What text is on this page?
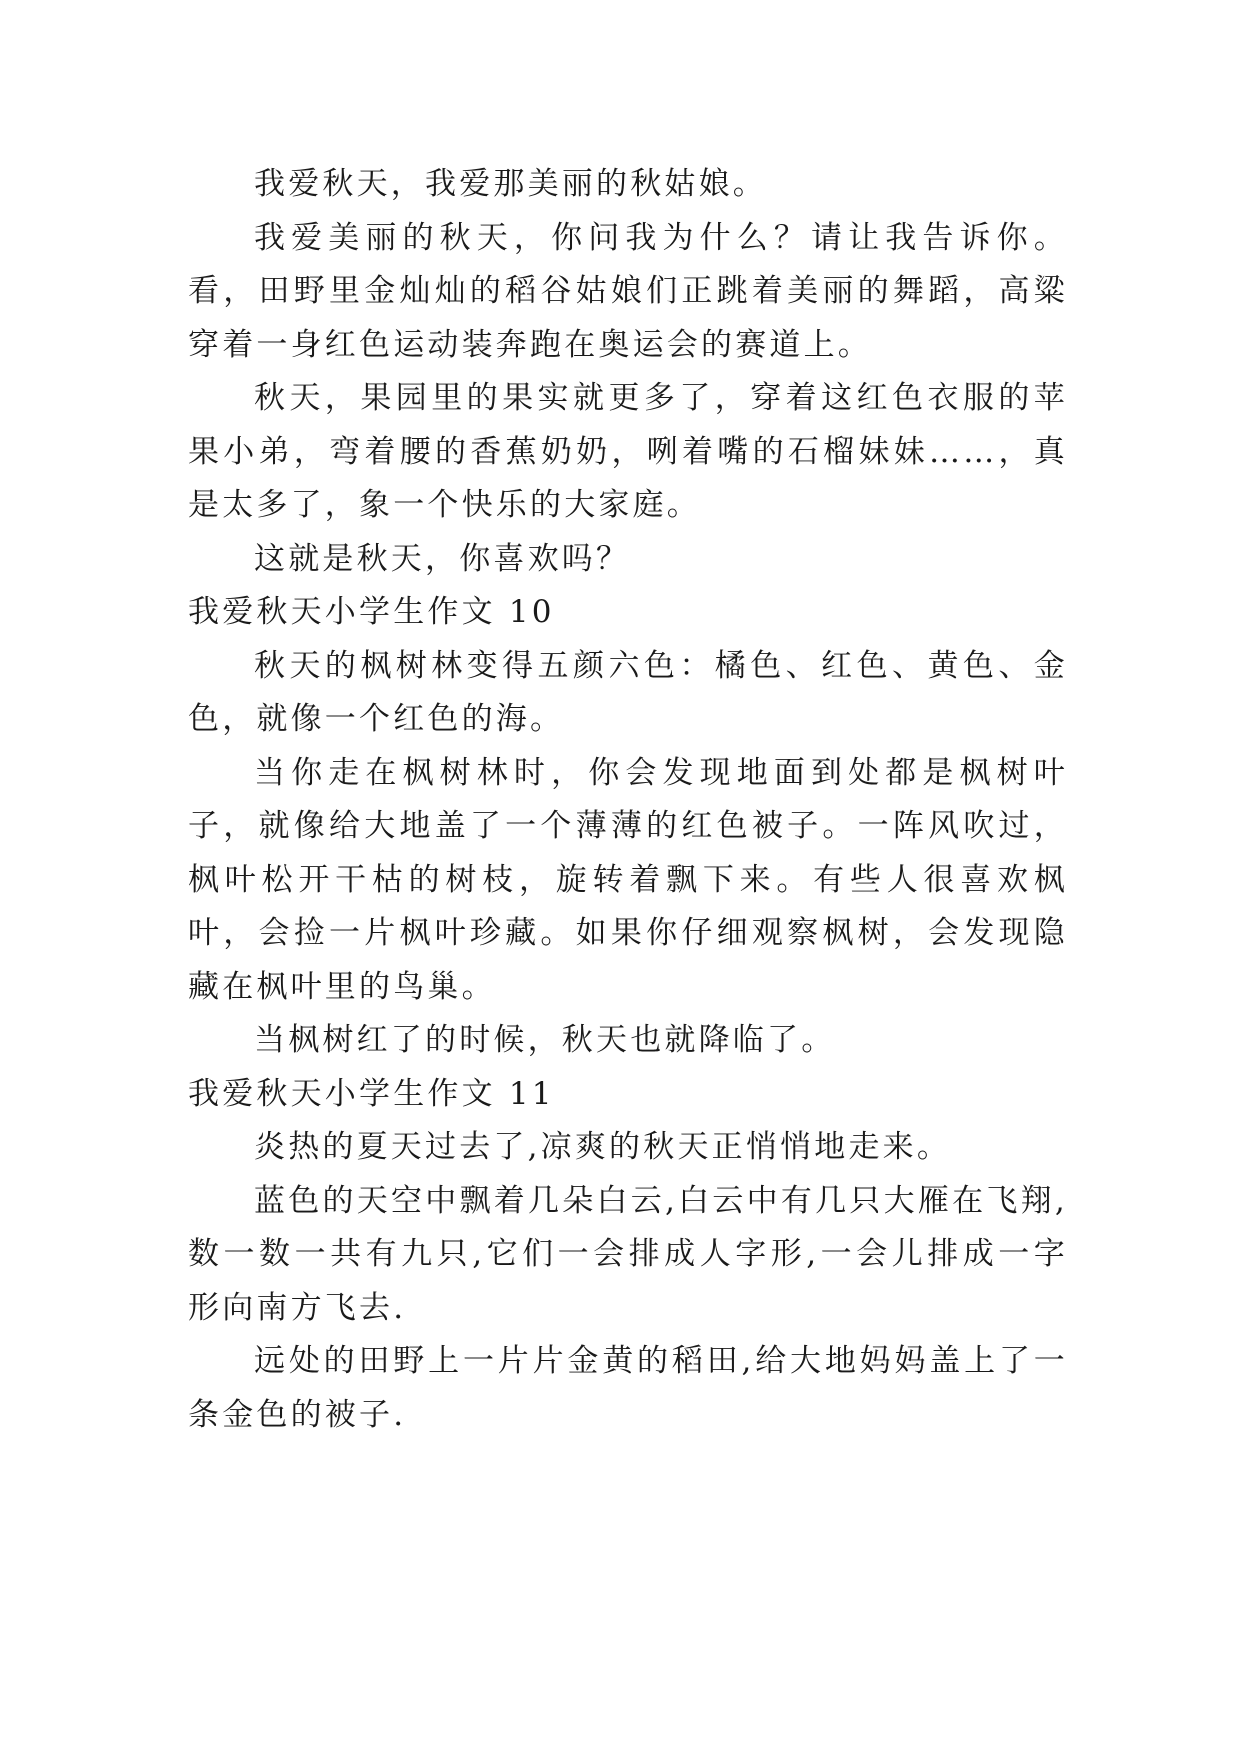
我爱秋天，我爱那美丽的秋姑娘。

我爱美丽的秋天，你问我为什么？请让我告诉你。看，田野里金灿灿的稻谷姑娘们正跳着美丽的舞蹈，高粱穿着一身红色运动装奔跑在奥运会的赛道上。

秋天，果园里的果实就更多了，穿着这红色衣服的苹果小弟，弯着腰的香蕉奶奶，咧着嘴的石榴妹妹……，真是太多了，象一个快乐的大家庭。

这就是秋天，你喜欢吗？

我爱秋天小学生作文 10

秋天的枫树林变得五颜六色：橘色、红色、黄色、金色，就像一个红色的海。

当你走在枫树林时，你会发现地面到处都是枫树叶子，就像给大地盖了一个薄薄的红色被子。一阵风吹过，枫叶松开干枯的树枝，旋转着飘下来。有些人很喜欢枫叶，会捡一片枫叶珍藏。如果你仔细观察枫树，会发现隐藏在枫叶里的鸟巢。

当枫树红了的时候，秋天也就降临了。

我爱秋天小学生作文 11

炎热的夏天过去了,凉爽的秋天正悄悄地走来。

蓝色的天空中飘着几朵白云,白云中有几只大雁在飞翔,数一数一共有九只,它们一会排成人字形,一会儿排成一字形向南方飞去.

远处的田野上一片片金黄的稻田,给大地妈妈盖上了一条金色的被子.
